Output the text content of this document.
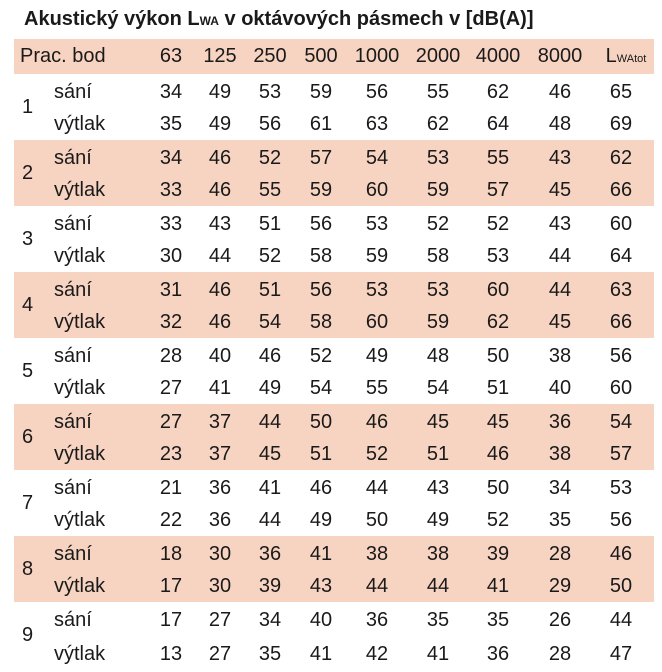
Akustický výkon LWA v oktávových pásmech v [dB(A)]
Prac. bod	63	125 250 500 1000 2000 4000 8000	LWAtot
1
sání	34	49	53	59	56	55	62	46	65
výtlak	35	49	56	61	63	62	64	48	69
2
sání	34	46	52	57	54	53	55	43	62
výtlak	33	46	55	59	60	59	57	45	66
3
sání	33	43	51	56	53	52	52	43	60
výtlak	30	44	52	58	59	58	53	44	64
4
sání	31	46	51	56	53	53	60	44	63
výtlak	32	46	54	58	60	59	62	45	66
5
sání	28	40	46	52	49	48	50	38	56
výtlak	27	41	49	54	55	54	51	40	60
6
sání	27	37	44	50	46	45	45	36	54
výtlak	23	37	45	51	52	51	46	38	57
7
sání	21	36	41	46	44	43	50	34	53
výtlak	22	36	44	49	50	49	52	35	56
8
sání	18	30	36	41	38	38	39	28	46
výtlak	17	30	39	43	44	44	41	29	50
9
sání	17	27	34	40	36	35	35	26	44
výtlak	13	27	35	41	42	41	36	28	47
